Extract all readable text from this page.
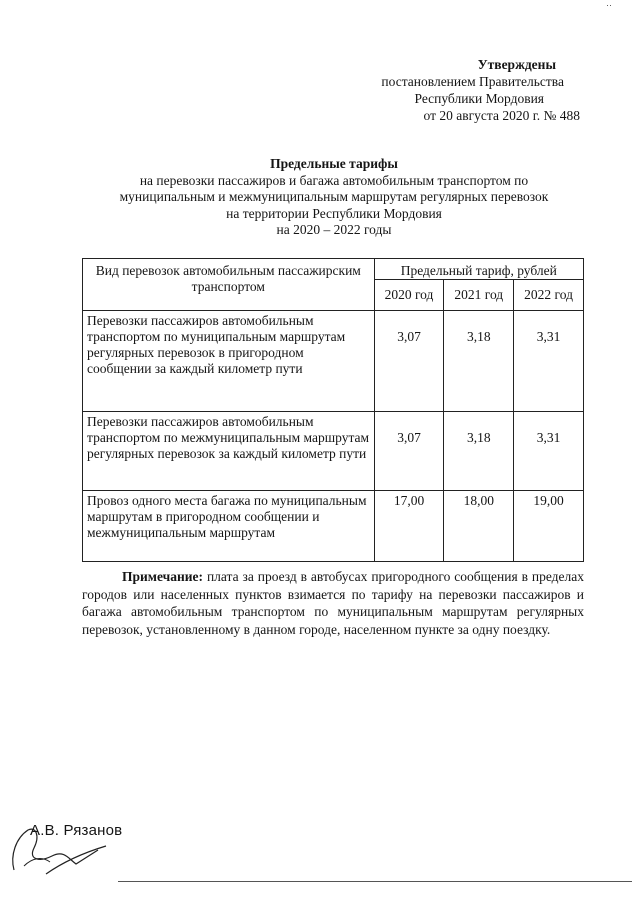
··
Утверждены
постановлением Правительства
Республики Мордовия
от 20 августа 2020 г. № 488
Предельные тарифы
на перевозки пассажиров и багажа автомобильным транспортом по
муниципальным и межмуниципальным маршрутам регулярных перевозок
на территории Республики Мордовия
на 2020 – 2022 годы
Вид перевозок автомобильным пассажирским транспортом	Предельный тариф, рублей		
	2020 год	2021 год	2022 год
Перевозки пассажиров автомобильным транспортом по муниципальным маршрутам регулярных перевозок в пригородном сообщении за каждый километр пути	3,07	3,18	3,31
Перевозки пассажиров автомобильным транспортом по межмуниципальным маршрутам регулярных перевозок за каждый километр пути	3,07	3,18	3,31
Провоз одного места багажа по муниципальным маршрутам в пригородном сообщении и межмуниципальным маршрутам	17,00	18,00	19,00
Примечание: плата за проезд в автобусах пригородного сообщения в пределах городов или населенных пунктов взимается по тарифу на перевозки пассажиров и багажа автомобильным транспортом по муниципальным маршрутам регулярных перевозок, установленному в данном городе, населенном пункте за одну поездку.
А.В. Рязанов
